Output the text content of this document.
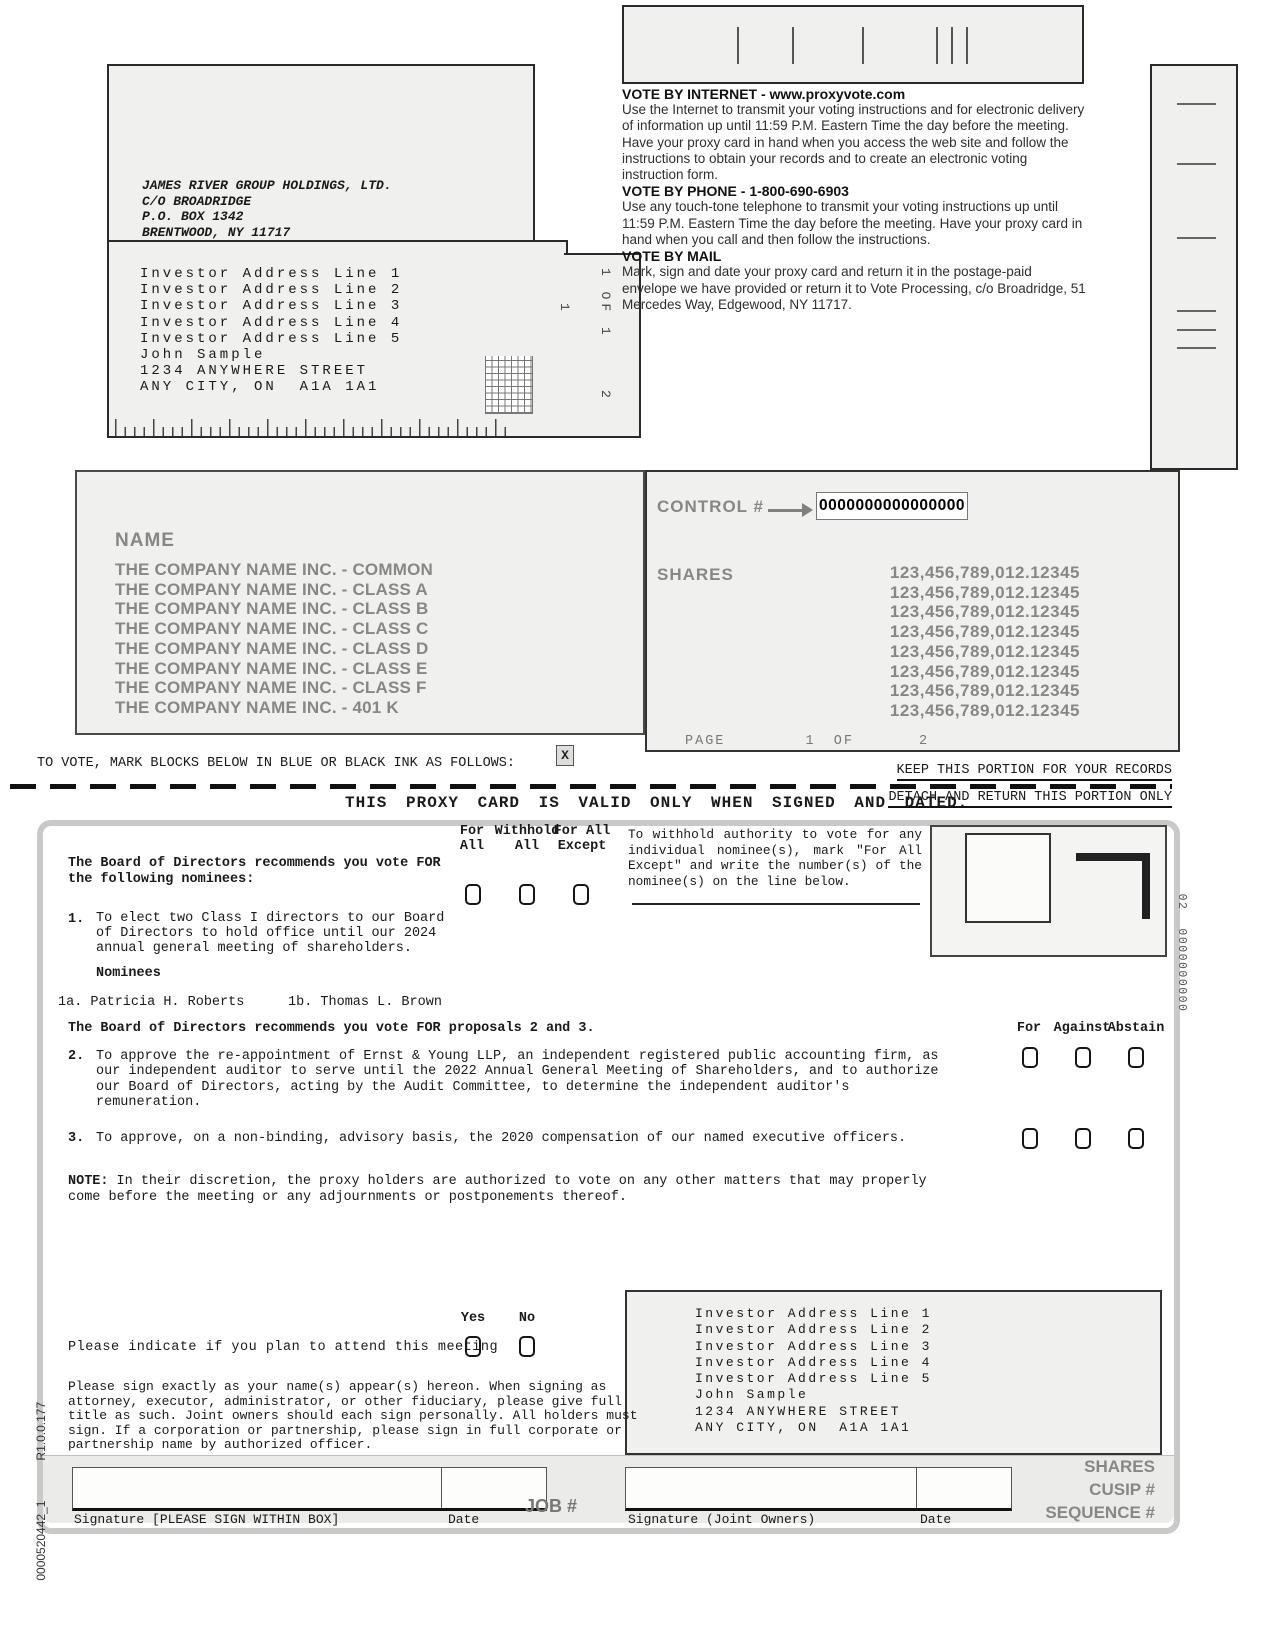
JAMES RIVER GROUP HOLDINGS, LTD.
C/O BROADRIDGE
P.O. BOX 1342
BRENTWOOD, NY 11717
Investor Address Line 1
Investor Address Line 2
Investor Address Line 3
Investor Address Line 4
Investor Address Line 5
John Sample
1234 ANYWHERE STREET
ANY CITY, ON  A1A 1A1
1 OF 1
2
1
VOTE BY INTERNET - www.proxyvote.com
Use the Internet to transmit your voting instructions and for electronic delivery of information up until 11:59 P.M. Eastern Time the day before the meeting. Have your proxy card in hand when you access the web site and follow the instructions to obtain your records and to create an electronic voting instruction form.
VOTE BY PHONE - 1-800-690-6903
Use any touch-tone telephone to transmit your voting instructions up until 11:59 P.M. Eastern Time the day before the meeting. Have your proxy card in hand when you call and then follow the instructions.
VOTE BY MAIL
Mark, sign and date your proxy card and return it in the postage-paid envelope we have provided or return it to Vote Processing, c/o Broadridge, 51 Mercedes Way, Edgewood, NY 11717.
NAME
THE COMPANY NAME INC. - COMMON
THE COMPANY NAME INC. - CLASS A
THE COMPANY NAME INC. - CLASS B
THE COMPANY NAME INC. - CLASS C
THE COMPANY NAME INC. - CLASS D
THE COMPANY NAME INC. - CLASS E
THE COMPANY NAME INC. - CLASS F
THE COMPANY NAME INC. - 401 K
CONTROL #	0000000000000000
SHARES	123,456,789,012.12345
123,456,789,012.12345
123,456,789,012.12345
123,456,789,012.12345
123,456,789,012.12345
123,456,789,012.12345
123,456,789,012.12345
123,456,789,012.12345
PAGE	1 OF	2
TO VOTE, MARK BLOCKS BELOW IN BLUE OR BLACK INK AS FOLLOWS:
X
KEEP THIS PORTION FOR YOUR RECORDS
DETACH AND RETURN THIS PORTION ONLY
THIS PROXY CARD IS VALID ONLY WHEN SIGNED AND DATED.
The Board of Directors recommends you vote FOR
the following nominees:
For
All
Withhold
All
For All
Except
To withhold authority to vote for any individual nominee(s), mark "For All Except" and write the number(s) of the nominee(s) on the line below.
1. To elect two Class I directors to our Board of Directors to hold office until our 2024 annual general meeting of shareholders.
Nominees
1a. Patricia H. Roberts	1b. Thomas L. Brown
The Board of Directors recommends you vote FOR proposals 2 and 3.	For Against
Abstain
2. To approve the re-appointment of Ernst & Young LLP, an independent registered public accounting firm, as our independent auditor to serve until the 2022 Annual General Meeting of Shareholders, and to authorize our Board of Directors, acting by the Audit Committee, to determine the independent auditor's remuneration.
3. To approve, on a non-binding, advisory basis, the 2020 compensation of our named executive officers.
NOTE: In their discretion, the proxy holders are authorized to vote on any other matters that may properly come before the meeting or any adjournments or postponements thereof.
Yes	No
Please indicate if you plan to attend this meeting
Investor Address Line 1
Investor Address Line 2
Investor Address Line 3
Investor Address Line 4
Investor Address Line 5
John Sample
1234 ANYWHERE STREET
ANY CITY, ON  A1A 1A1
Please sign exactly as your name(s) appear(s) hereon. When signing as attorney, executor, administrator, or other fiduciary, please give full title as such. Joint owners should each sign personally. All holders must sign. If a corporation or partnership, please sign in full corporate or partnership name by authorized officer.
Signature [PLEASE SIGN WITHIN BOX]	Date
JOB #
Signature (Joint Owners)	Date
SHARES
CUSIP #
SEQUENCE #

0000520442_1R1.0.0.177

020000000000
